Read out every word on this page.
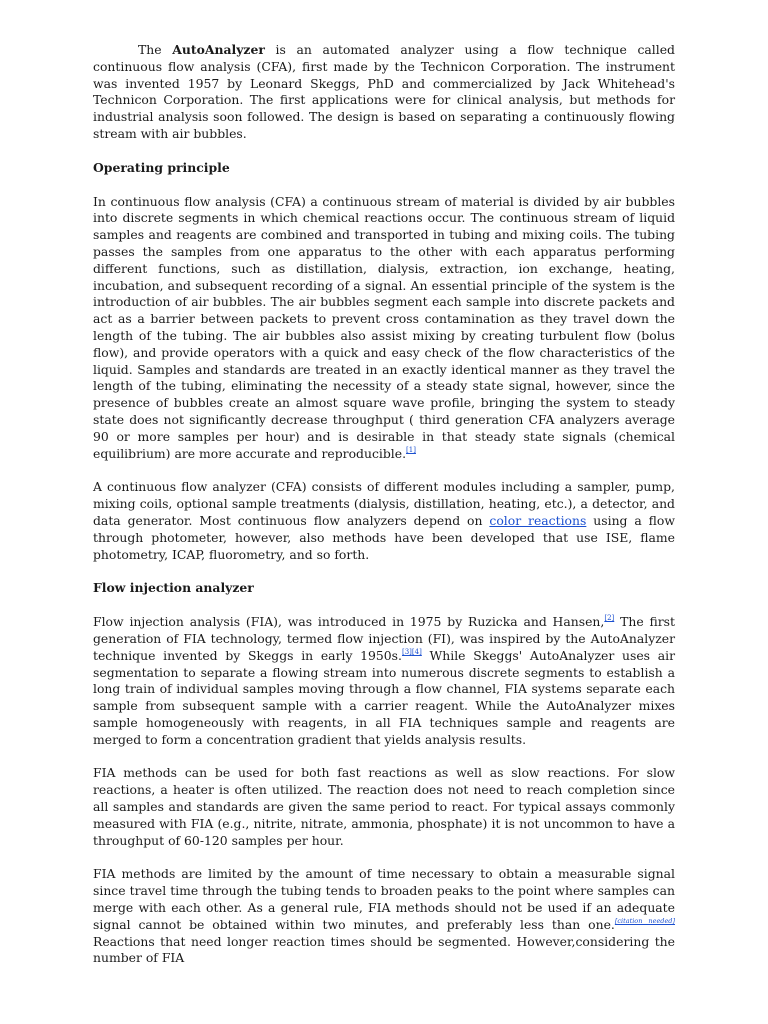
The AutoAnalyzer is an automated analyzer using a flow technique called continuous flow analysis (CFA), first made by the Technicon Corporation. The instrument was invented 1957 by Leonard Skeggs, PhD and commercialized by Jack Whitehead's Technicon Corporation. The first applications were for clinical analysis, but methods for industrial analysis soon followed. The design is based on separating a continuously flowing stream with air bubbles.

Operating principle

In continuous flow analysis (CFA) a continuous stream of material is divided by air bubbles into discrete segments in which chemical reactions occur. The continuous stream of liquid samples and reagents are combined and transported in tubing and mixing coils. The tubing passes the samples from one apparatus to the other with each apparatus performing different functions, such as distillation, dialysis, extraction, ion exchange, heating, incubation, and subsequent recording of a signal. An essential principle of the system is the introduction of air bubbles. The air bubbles segment each sample into discrete packets and act as a barrier between packets to prevent cross contamination as they travel down the length of the tubing. The air bubbles also assist mixing by creating turbulent flow (bolus flow), and provide operators with a quick and easy check of the flow characteristics of the liquid. Samples and standards are treated in an exactly identical manner as they travel the length of the tubing, eliminating the necessity of a steady state signal, however, since the presence of bubbles create an almost square wave profile, bringing the system to steady state does not significantly decrease throughput ( third generation CFA analyzers average 90 or more samples per hour) and is desirable in that steady state signals (chemical equilibrium) are more accurate and reproducible.[1]

A continuous flow analyzer (CFA) consists of different modules including a sampler, pump, mixing coils, optional sample treatments (dialysis, distillation, heating, etc.), a detector, and data generator. Most continuous flow analyzers depend on color reactions using a flow through photometer, however, also methods have been developed that use ISE, flame photometry, ICAP, fluorometry, and so forth.

Flow injection analyzer

Flow injection analysis (FIA), was introduced in 1975 by Ruzicka and Hansen,[2] The first generation of FIA technology, termed flow injection (FI), was inspired by the AutoAnalyzer technique invented by Skeggs in early 1950s.[3][4] While Skeggs' AutoAnalyzer uses air segmentation to separate a flowing stream into numerous discrete segments to establish a long train of individual samples moving through a flow channel, FIA systems separate each sample from subsequent sample with a carrier reagent. While the AutoAnalyzer mixes sample homogeneously with reagents, in all FIA techniques sample and reagents are merged to form a concentration gradient that yields analysis results.

FIA methods can be used for both fast reactions as well as slow reactions. For slow reactions, a heater is often utilized. The reaction does not need to reach completion since all samples and standards are given the same period to react. For typical assays commonly measured with FIA (e.g., nitrite, nitrate, ammonia, phosphate) it is not uncommon to have a throughput of 60-120 samples per hour.

FIA methods are limited by the amount of time necessary to obtain a measurable signal since travel time through the tubing tends to broaden peaks to the point where samples can merge with each other. As a general rule, FIA methods should not be used if an adequate signal cannot be obtained within two minutes, and preferably less than one.[citation needed] Reactions that need longer reaction times should be segmented. However,considering the number of FIA
